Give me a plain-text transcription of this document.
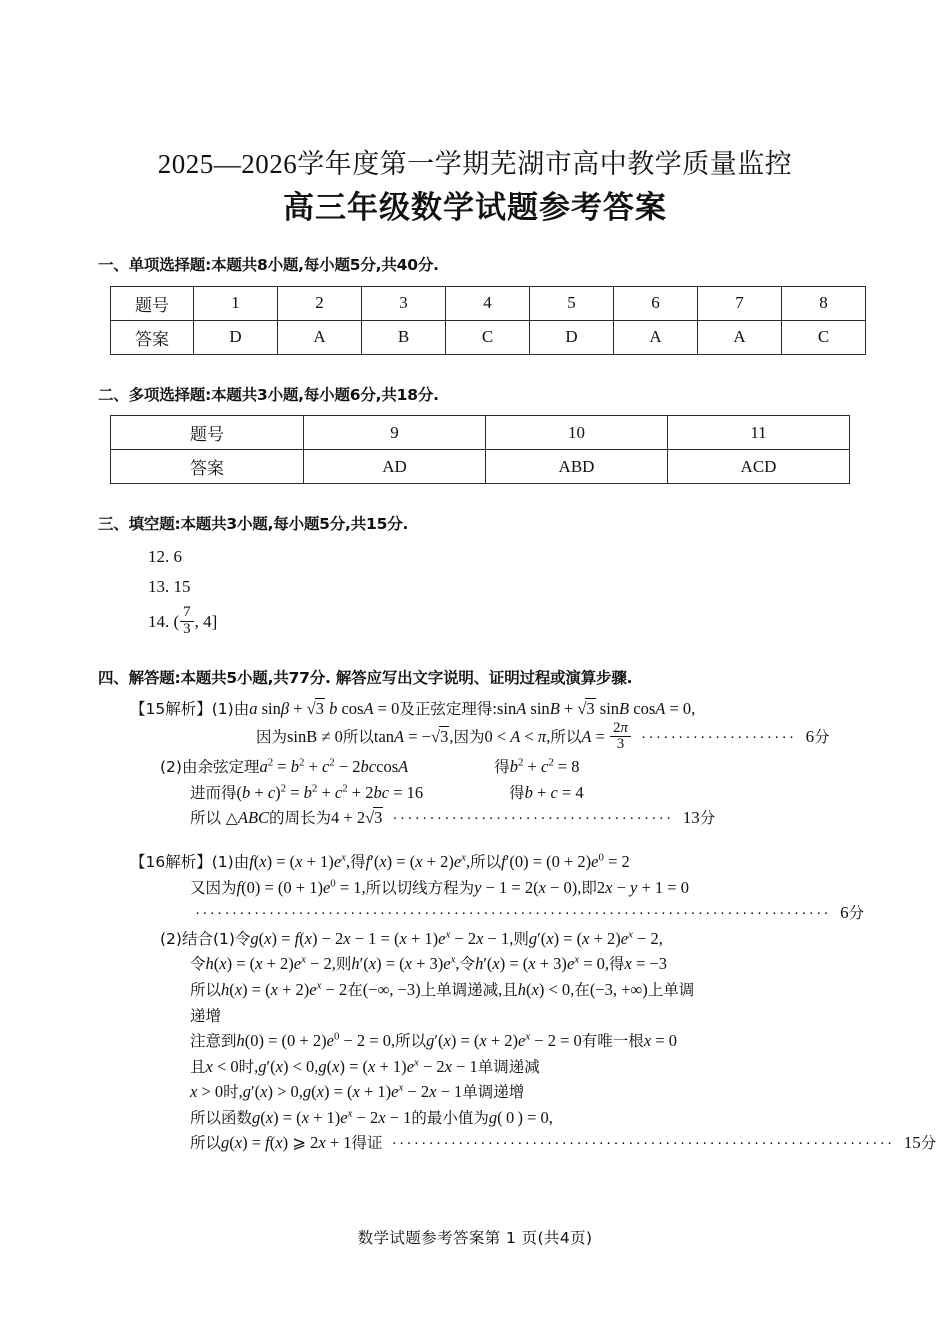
2025—2026学年度第一学期芜湖市高中教学质量监控
高三年级数学试题参考答案

一、单项选择题:本题共8小题,每小题5分,共40分.

题号	1	2	3	4	5	6	7	8
答案	D	A	B	C	D	A	A	C

二、多项选择题:本题共3小题,每小题6分,共18分.

题号	9	10	11
答案	AD	ABD	ACD

三、填空题:本题共3小题,每小题5分,共15分.

12. 6
13. 15
14. ( $\frac{7}{3}$ , 4]

四、解答题:本题共5小题,共77分. 解答应写出文字说明、证明过程或演算步骤.

【15解析】(1)由a sinβ + √3 b cosA = 0及正弦定理得:sinA sinB + √3 sinB cosA = 0,
因为sinB ≠ 0所以tanA = −√3,因为0 < A < π,所以$A = \frac{2\pi}{3}$ ····················· 6分
(2)由余弦定理$a^2 = b^2 + c^2 - 2bccosA$	得$b^2 + c^2 = 8$
进而得$(b + c)^2 = b^2 + c^2 + 2bc = 16$	得b + c = 4
所以 △ABC的周长为4 + 2√3 ······································ 13分
【16解析】(1)由$f(x) = (x + 1)e^x$,得$f'(x) = (x + 2)e^x$,所以$f'(0) = (0 + 2)e^0 = 2$
又因为$f(0) = (0 + 1)e^0 = 1$,所以切线方程为y − 1 = 2(x − 0),即2x − y + 1 = 0
······················································································ 6分
(2)结合(1)令$g(x) = f(x) - 2x - 1 = (x + 1)e^x - 2x - 1$,则$g'(x) = (x + 2)e^x - 2$,
令$h(x) = (x + 2)e^x - 2$,则$h'(x) = (x + 3)e^x$,令$h'(x) = (x + 3)e^x = 0$,得x = −3
所以$h(x) = (x + 2)e^x - 2$在(−∞, −3)上单调递减,且h(x) < 0,在(−3, +∞)上单调
递增
注意到$h(0) = (0 + 2)e^0 - 2 = 0$,所以$g'(x) = (x + 2)e^x - 2 = 0$有唯一根x = 0
且x < 0时$,g'(x) < 0,g(x) = (x + 1)e^x - 2x - 1$单调递减
x > 0时$,g'(x) > 0,g(x) = (x + 1)e^x - 2x - 1$单调递增
所以函数$g(x) = (x + 1)e^x - 2x - 1$的最小值为g( 0 ) = 0,
所以g(x) = f(x) ⩾ 2x + 1得证 ···································································· 15分
数学试题参考答案第 1 页(共4页)
